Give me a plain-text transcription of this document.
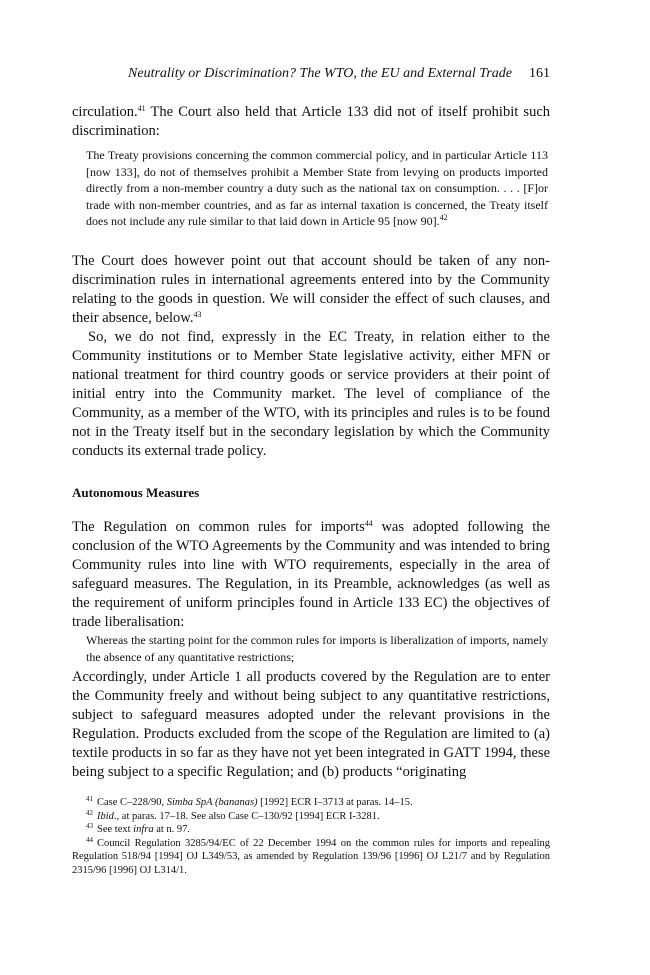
Neutrality or Discrimination? The WTO, the EU and External Trade 161

circulation.$^{41}$ The Court also held that Article 133 did not of itself prohibit such discrimination:

The Treaty provisions concerning the common commercial policy, and in particular Article 113 [now 133], do not of themselves prohibit a Member State from levying on products imported directly from a non-member country a duty such as the national tax on consumption. . . . [F]or trade with non-member countries, and as far as internal taxation is concerned, the Treaty itself does not include any rule similar to that laid down in Article 95 [now 90].$^{42}$

The Court does however point out that account should be taken of any non-discrimination rules in international agreements entered into by the Community relating to the goods in question. We will consider the effect of such clauses, and their absence, below.$^{43}$

So, we do not find, expressly in the EC Treaty, in relation either to the Community institutions or to Member State legislative activity, either MFN or national treatment for third country goods or service providers at their point of initial entry into the Community market. The level of compliance of the Community, as a member of the WTO, with its principles and rules is to be found not in the Treaty itself but in the secondary legislation by which the Community conducts its external trade policy.

Autonomous Measures

The Regulation on common rules for imports$^{44}$ was adopted following the conclusion of the WTO Agreements by the Community and was intended to bring Community rules into line with WTO requirements, especially in the area of safeguard measures. The Regulation, in its Preamble, acknowledges (as well as the requirement of uniform principles found in Article 133 EC) the objectives of trade liberalisation:

Whereas the starting point for the common rules for imports is liberalization of imports, namely the absence of any quantitative restrictions;

Accordingly, under Article 1 all products covered by the Regulation are to enter the Community freely and without being subject to any quantitative restrictions, subject to safeguard measures adopted under the relevant provisions in the Regulation. Products excluded from the scope of the Regulation are limited to (a) textile products in so far as they have not yet been integrated in GATT 1994, these being subject to a specific Regulation; and (b) products “originating

$^{41}$ Case C–228/90, Simba SpA (bananas) [1992] ECR I–3713 at paras. 14–15.

$^{42}$ Ibid., at paras. 17–18. See also Case C–130/92 [1994] ECR I-3281.

$^{43}$ See text infra at n. 97.

$^{44}$ Council Regulation 3285/94/EC of 22 December 1994 on the common rules for imports and repealing Regulation 518/94 [1994] OJ L349/53, as amended by Regulation 139/96 [1996] OJ L21/7 and by Regulation 2315/96 [1996] OJ L314/1.
